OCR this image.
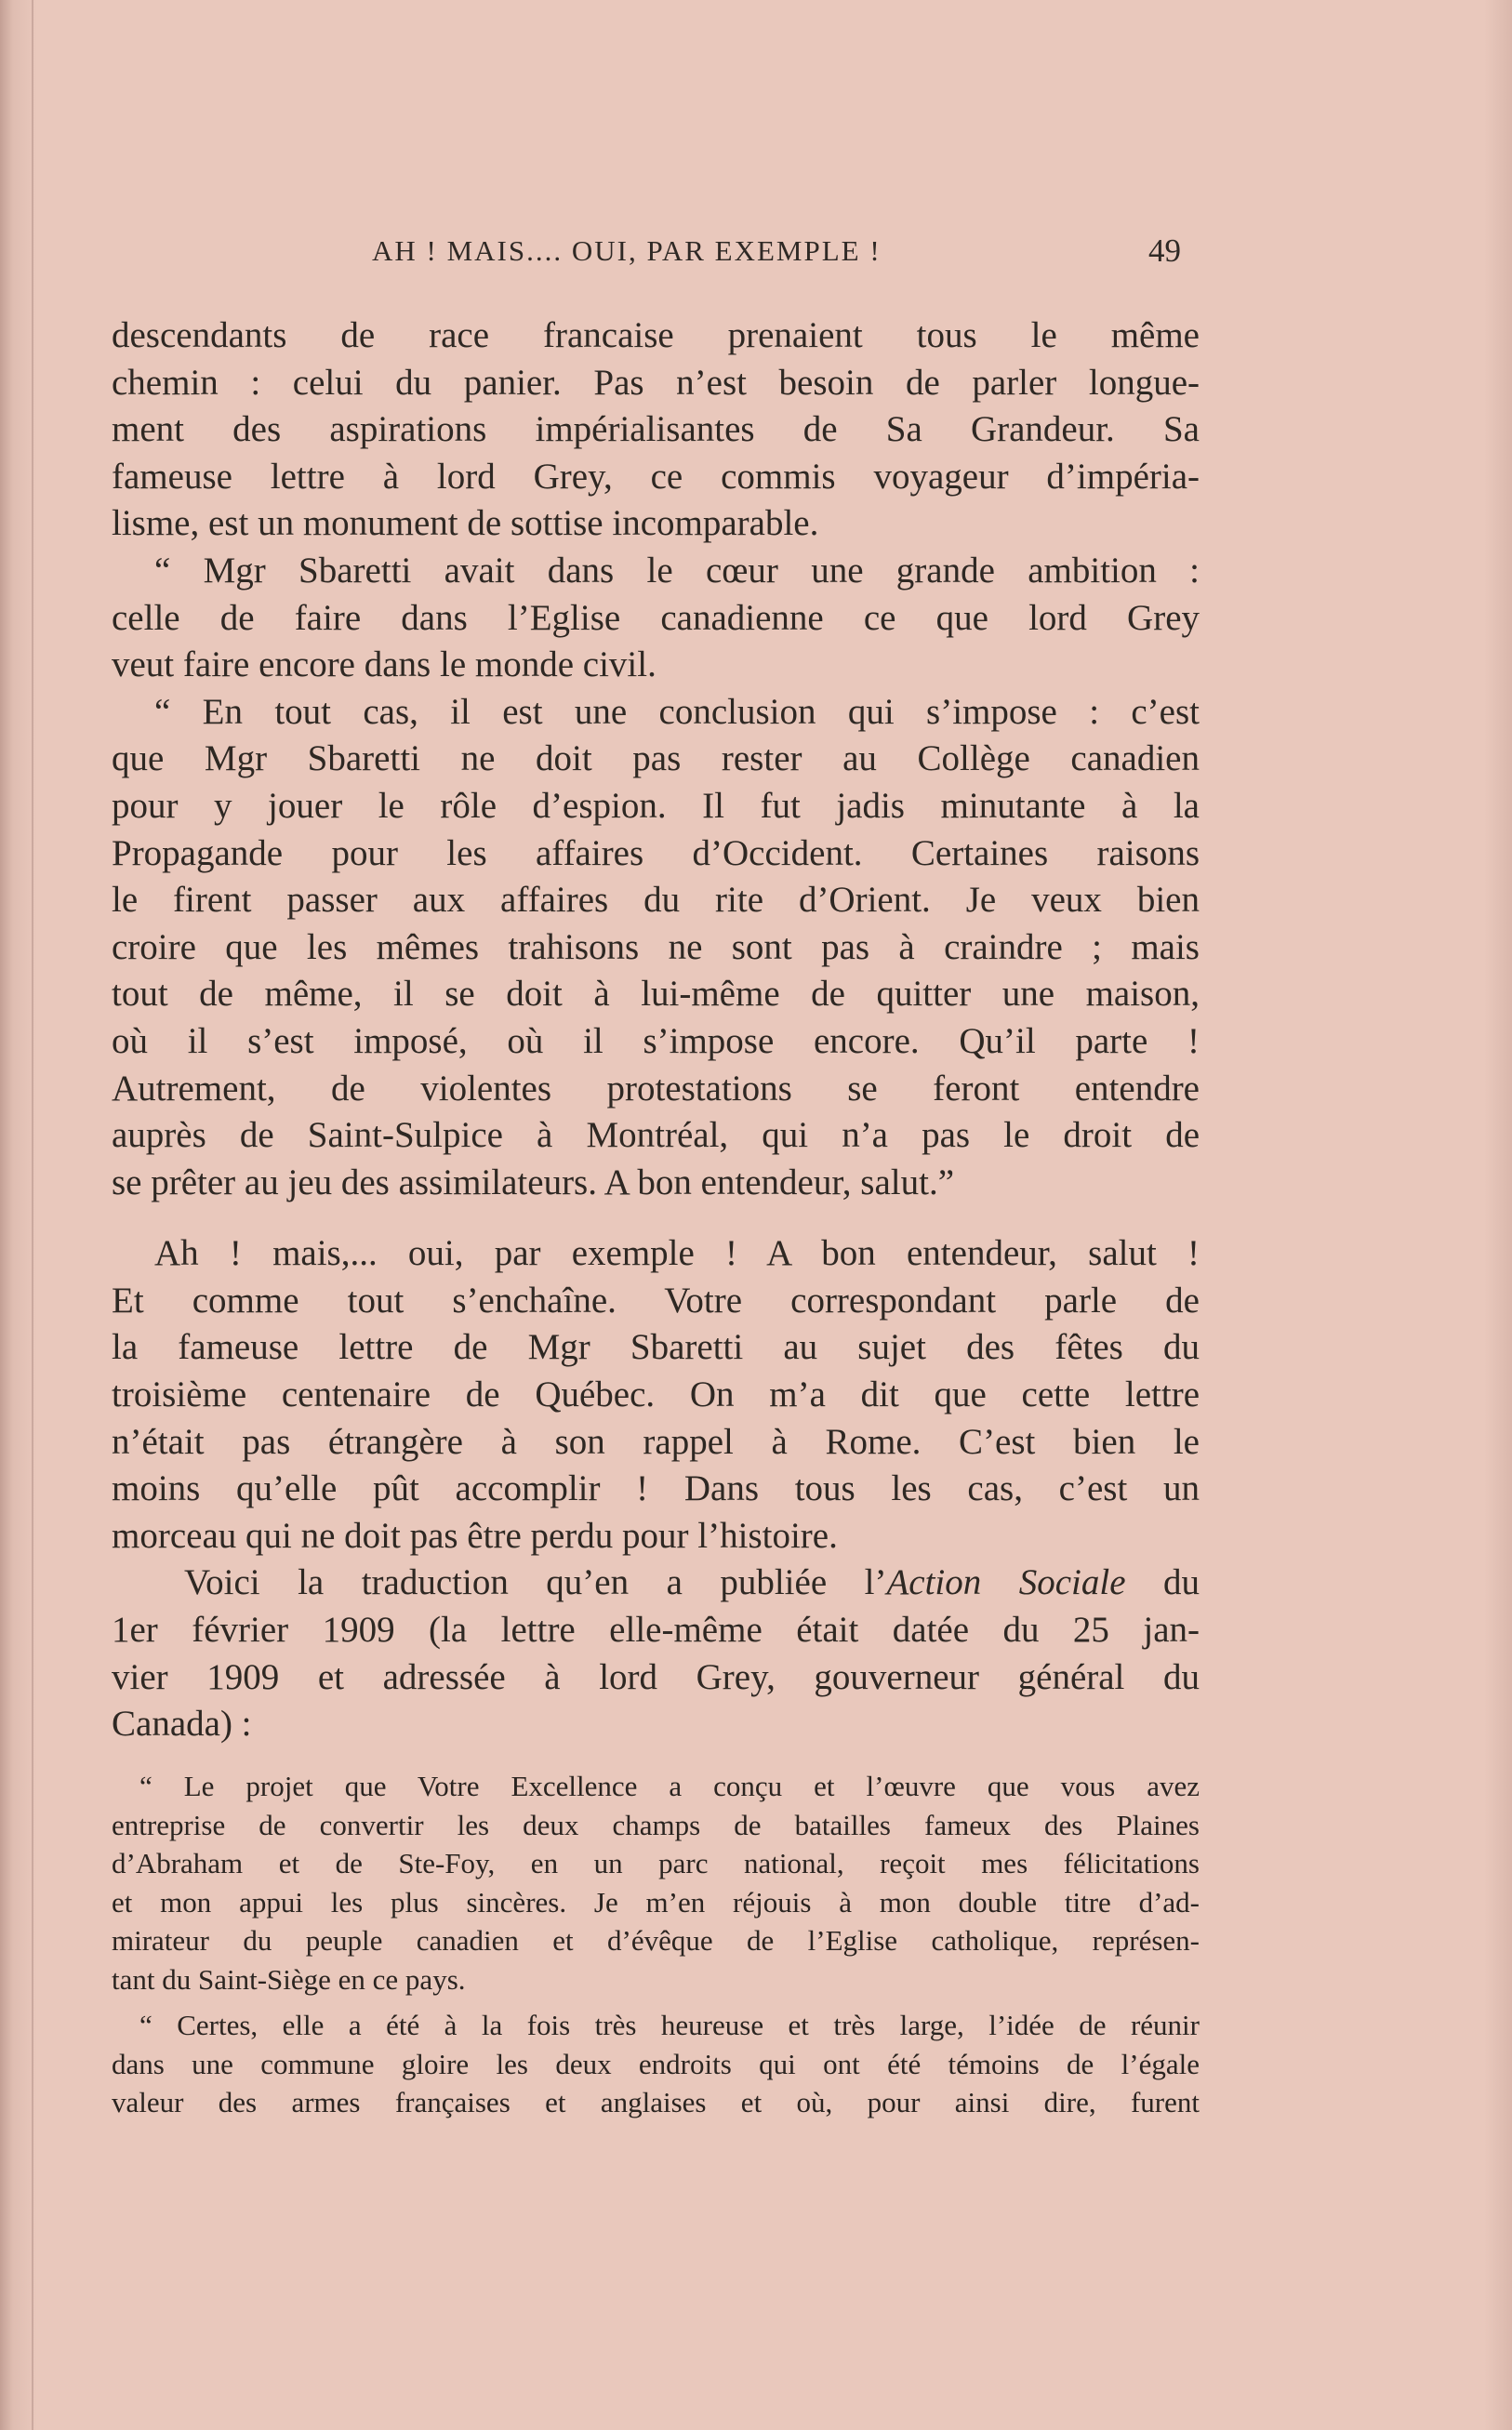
AH ! MAIS.... OUI, PAR EXEMPLE !	49
descendants de race francaise prenaient tous le même
chemin : celui du panier. Pas n’est besoin de parler longue-
ment des aspirations impérialisantes de Sa Grandeur. Sa
fameuse lettre à lord Grey, ce commis voyageur d’impéria-
lisme, est un monument de sottise incomparable.
“ Mgr Sbaretti avait dans le cœur une grande ambition :
celle de faire dans l’Eglise canadienne ce que lord Grey
veut faire encore dans le monde civil.
“ En tout cas, il est une conclusion qui s’impose : c’est
que Mgr Sbaretti ne doit pas rester au Collège canadien
pour y jouer le rôle d’espion. Il fut jadis minutante à la
Propagande pour les affaires d’Occident. Certaines raisons
le firent passer aux affaires du rite d’Orient. Je veux bien
croire que les mêmes trahisons ne sont pas à craindre ; mais
tout de même, il se doit à lui-même de quitter une maison,
où il s’est imposé, où il s’impose encore. Qu’il parte !
Autrement, de violentes protestations se feront entendre
auprès de Saint-Sulpice à Montréal, qui n’a pas le droit de
se prêter au jeu des assimilateurs. A bon entendeur, salut.”
Ah ! mais,... oui, par exemple ! A bon entendeur, salut !
Et comme tout s’enchaîne. Votre correspondant parle de
la fameuse lettre de Mgr Sbaretti au sujet des fêtes du
troisième centenaire de Québec. On m’a dit que cette lettre
n’était pas étrangère à son rappel à Rome. C’est bien le
moins qu’elle pût accomplir ! Dans tous les cas, c’est un
morceau qui ne doit pas être perdu pour l’histoire.
Voici la traduction qu’en a publiée l’Action Sociale du
1er février 1909 (la lettre elle-même était datée du 25 jan-
vier 1909 et adressée à lord Grey, gouverneur général du
Canada) :
“ Le projet que Votre Excellence a conçu et l’œuvre que vous avez
entreprise de convertir les deux champs de batailles fameux des Plaines
d’Abraham et de Ste-Foy, en un parc national, reçoit mes félicitations
et mon appui les plus sincères. Je m’en réjouis à mon double titre d’ad-
mirateur du peuple canadien et d’évêque de l’Eglise catholique, représen-
tant du Saint-Siège en ce pays.
“ Certes, elle a été à la fois très heureuse et très large, l’idée de réunir
dans une commune gloire les deux endroits qui ont été témoins de l’égale
valeur des armes françaises et anglaises et où, pour ainsi dire, furent
